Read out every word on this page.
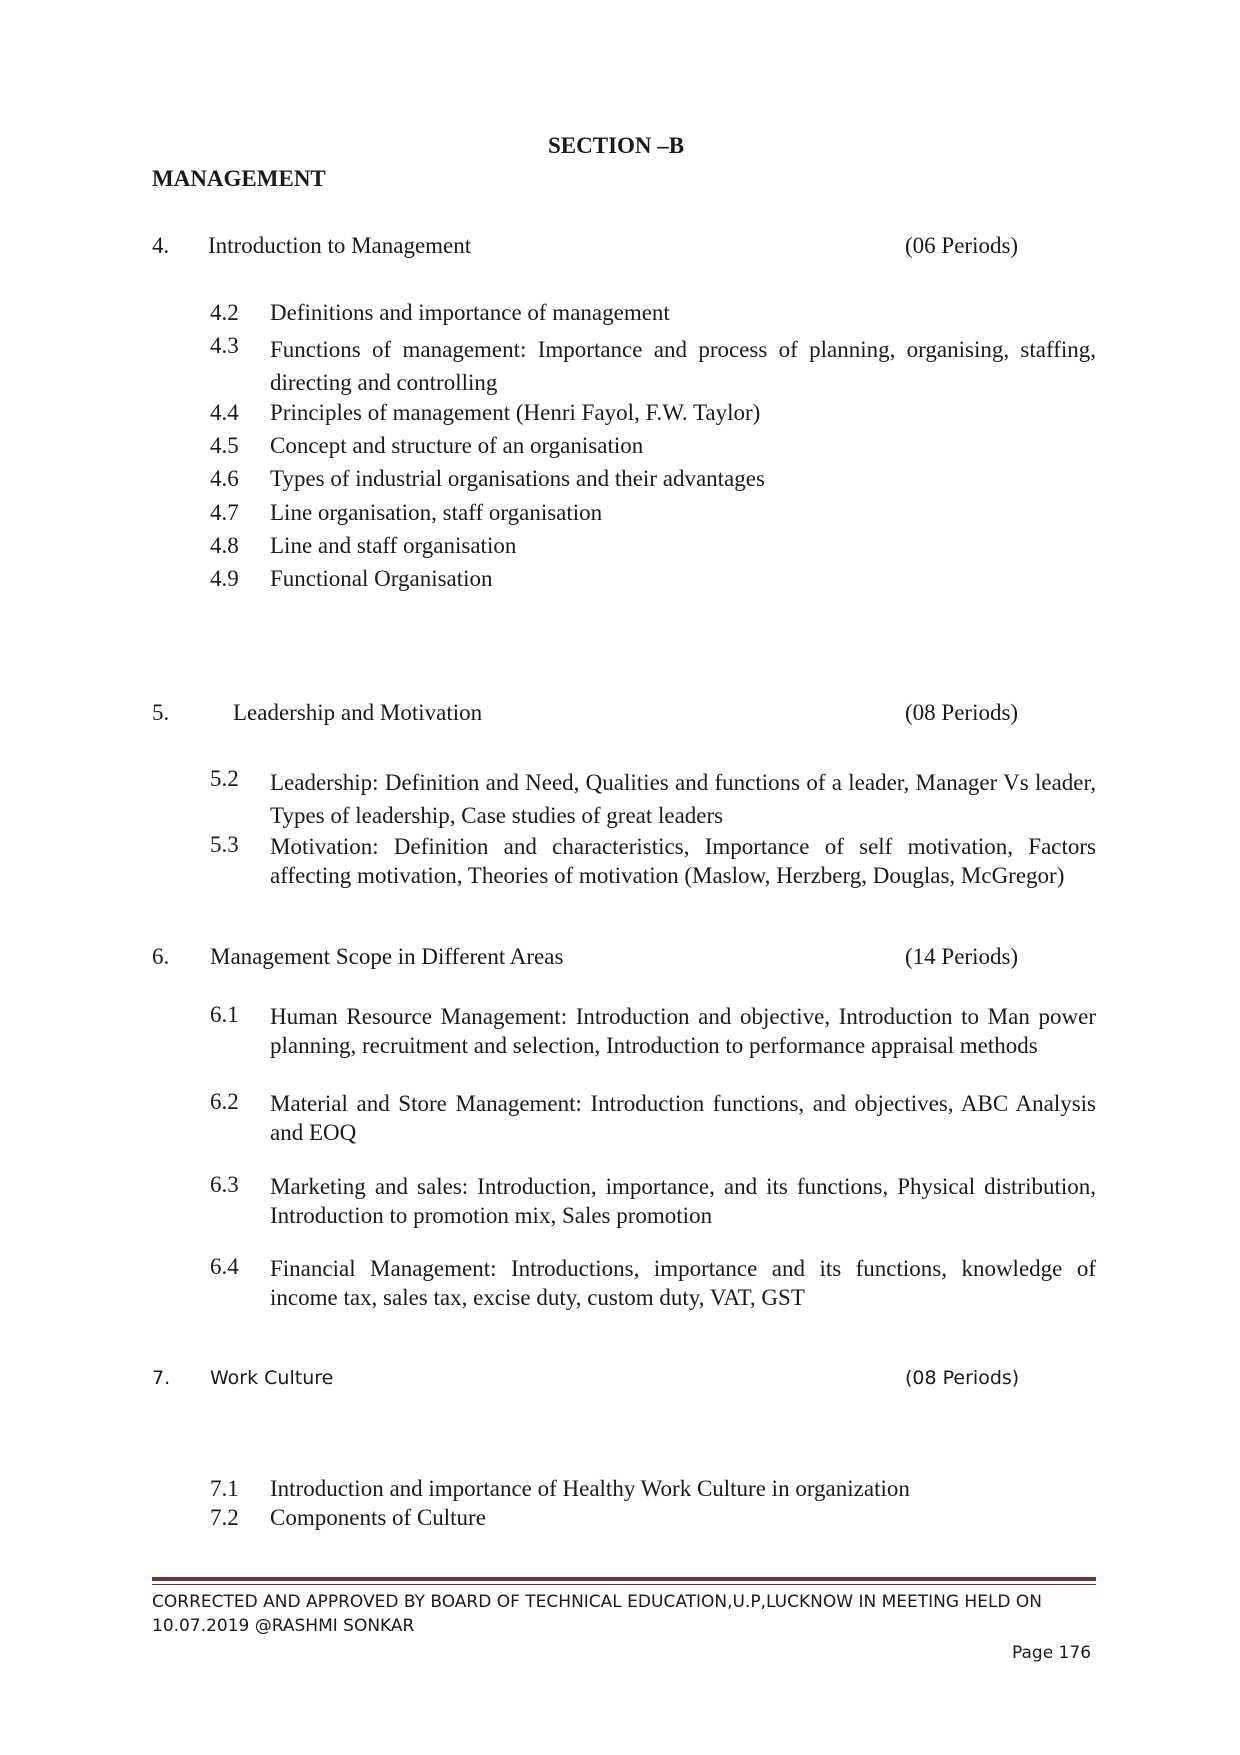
SECTION –B
MANAGEMENT
4. Introduction to Management	(06 Periods)
4.2 Definitions and importance of management
4.3 Functions of management: Importance and process of planning, organising, staffing, directing and controlling
4.4 Principles of management (Henri Fayol, F.W. Taylor)
4.5 Concept and structure of an organisation
4.6 Types of industrial organisations and their advantages
4.7 Line organisation, staff organisation
4.8 Line and staff organisation
4.9 Functional Organisation
5.	Leadership and Motivation	(08 Periods)
5.2 Leadership: Definition and Need, Qualities and functions of a leader, Manager Vs leader, Types of leadership, Case studies of great leaders
5.3 Motivation: Definition and characteristics, Importance of self motivation, Factors affecting motivation, Theories of motivation (Maslow, Herzberg, Douglas, McGregor)
6. Management Scope in Different Areas	(14 Periods)
6.1 Human Resource Management: Introduction and objective, Introduction to Man power planning, recruitment and selection, Introduction to performance appraisal methods
6.2 Material and Store Management: Introduction functions, and objectives, ABC Analysis and EOQ
6.3 Marketing and sales: Introduction, importance, and its functions, Physical distribution, Introduction to promotion mix, Sales promotion
6.4 Financial Management: Introductions, importance and its functions, knowledge of income tax, sales tax, excise duty, custom duty, VAT, GST
7. Work Culture	(08 Periods)
7.1 Introduction and importance of Healthy Work Culture in organization
7.2 Components of Culture
CORRECTED AND APPROVED BY BOARD OF TECHNICAL EDUCATION,U.P,LUCKNOW IN MEETING HELD ON 10.07.2019 @RASHMI SONKAR
Page 176
